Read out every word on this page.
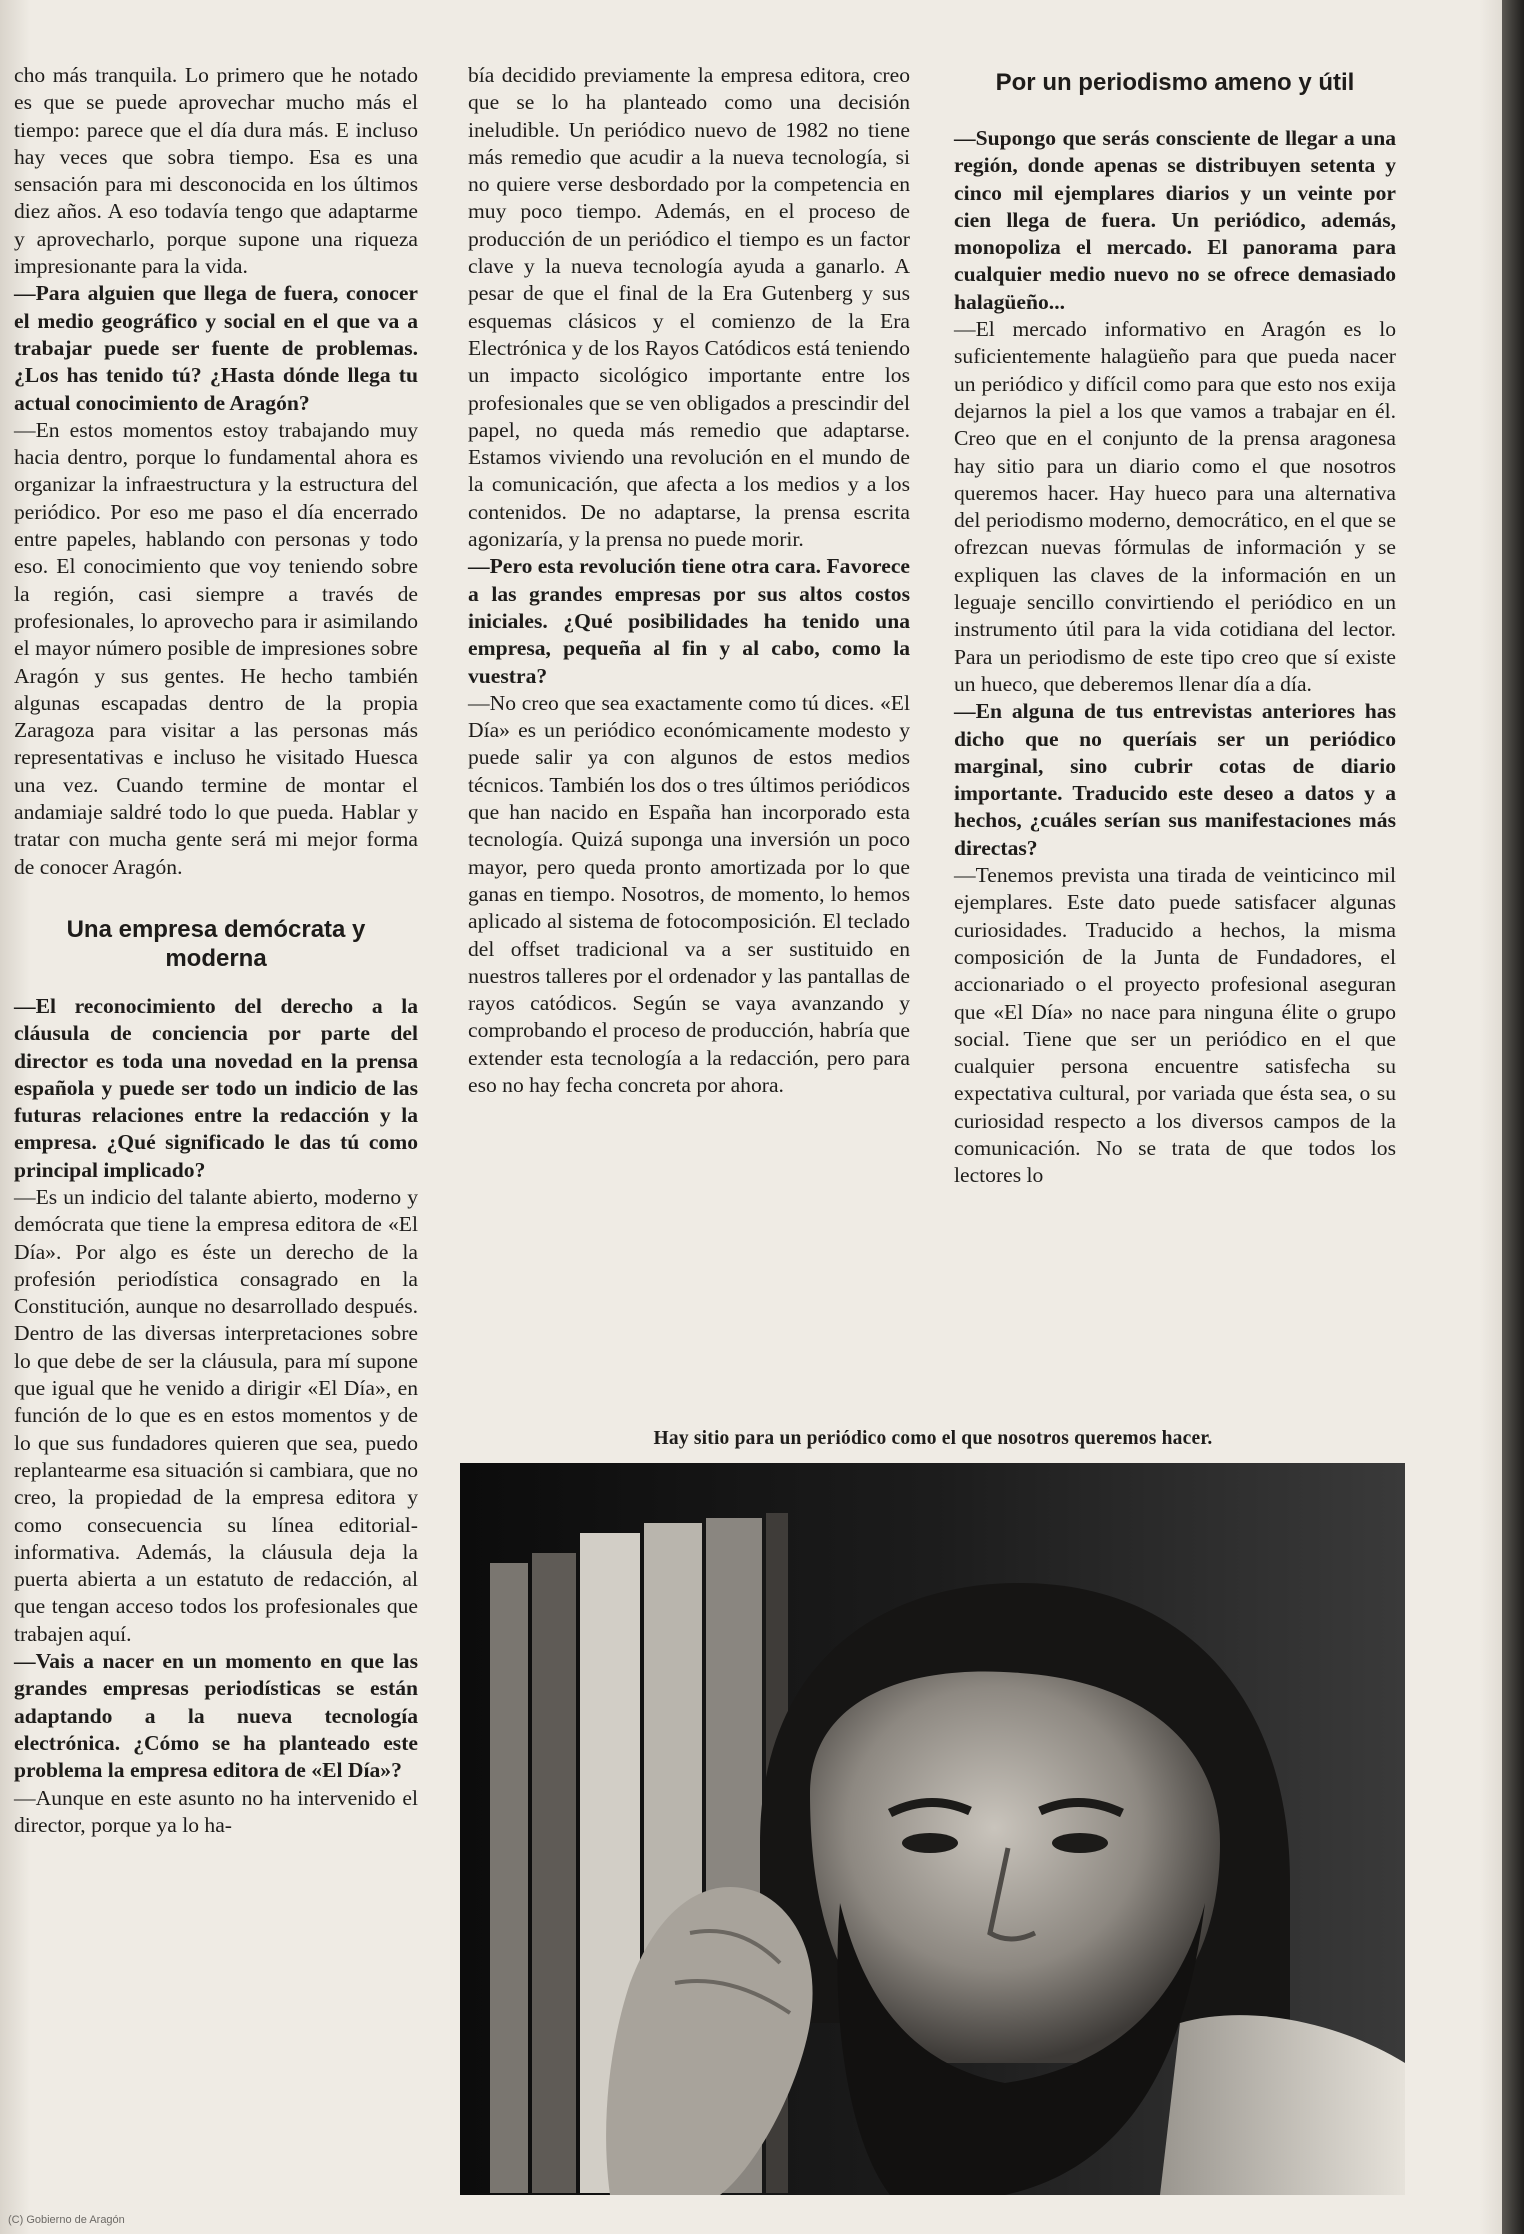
cho más tranquila. Lo primero que he notado es que se puede aprovechar mucho más el tiempo: parece que el día dura más. E incluso hay veces que sobra tiempo. Esa es una sensación para mi desconocida en los últimos diez años. A eso todavía tengo que adaptarme y aprovecharlo, porque supone una riqueza impresionante para la vida.

—Para alguien que llega de fuera, conocer el medio geográfico y social en el que va a trabajar puede ser fuente de problemas. ¿Los has tenido tú? ¿Hasta dónde llega tu actual conocimiento de Aragón?

—En estos momentos estoy trabajando muy hacia dentro, porque lo fundamental ahora es organizar la infraestructura y la estructura del periódico. Por eso me paso el día encerrado entre papeles, hablando con personas y todo eso. El conocimiento que voy teniendo sobre la región, casi siempre a través de profesionales, lo aprovecho para ir asimilando el mayor número posible de impresiones sobre Aragón y sus gentes. He hecho también algunas escapadas dentro de la propia Zaragoza para visitar a las personas más representativas e incluso he visitado Huesca una vez. Cuando termine de montar el andamiaje saldré todo lo que pueda. Hablar y tratar con mucha gente será mi mejor forma de conocer Aragón.

Una empresa demócrata y moderna

—El reconocimiento del derecho a la cláusula de conciencia por parte del director es toda una novedad en la prensa española y puede ser todo un indicio de las futuras relaciones entre la redacción y la empresa. ¿Qué significado le das tú como principal implicado?

—Es un indicio del talante abierto, moderno y demócrata que tiene la empresa editora de «El Día». Por algo es éste un derecho de la profesión periodística consagrado en la Constitución, aunque no desarrollado después. Dentro de las diversas interpretaciones sobre lo que debe de ser la cláusula, para mí supone que igual que he venido a dirigir «El Día», en función de lo que es en estos momentos y de lo que sus fundadores quieren que sea, puedo replantearme esa situación si cambiara, que no creo, la propiedad de la empresa editora y como consecuencia su línea editorial-informativa. Además, la cláusula deja la puerta abierta a un estatuto de redacción, al que tengan acceso todos los profesionales que trabajen aquí.

—Vais a nacer en un momento en que las grandes empresas periodísticas se están adaptando a la nueva tecnología electrónica. ¿Cómo se ha planteado este problema la empresa editora de «El Día»?

—Aunque en este asunto no ha intervenido el director, porque ya lo ha-

bía decidido previamente la empresa editora, creo que se lo ha planteado como una decisión ineludible. Un periódico nuevo de 1982 no tiene más remedio que acudir a la nueva tecnología, si no quiere verse desbordado por la competencia en muy poco tiempo. Además, en el proceso de producción de un periódico el tiempo es un factor clave y la nueva tecnología ayuda a ganarlo. A pesar de que el final de la Era Gutenberg y sus esquemas clásicos y el comienzo de la Era Electrónica y de los Rayos Catódicos está teniendo un impacto sicológico importante entre los profesionales que se ven obligados a prescindir del papel, no queda más remedio que adaptarse. Estamos viviendo una revolución en el mundo de la comunicación, que afecta a los medios y a los contenidos. De no adaptarse, la prensa escrita agonizaría, y la prensa no puede morir.

—Pero esta revolución tiene otra cara. Favorece a las grandes empresas por sus altos costos iniciales. ¿Qué posibilidades ha tenido una empresa, pequeña al fin y al cabo, como la vuestra?

—No creo que sea exactamente como tú dices. «El Día» es un periódico económicamente modesto y puede salir ya con algunos de estos medios técnicos. También los dos o tres últimos periódicos que han nacido en España han incorporado esta tecnología. Quizá suponga una inversión un poco mayor, pero queda pronto amortizada por lo que ganas en tiempo. Nosotros, de momento, lo hemos aplicado al sistema de fotocomposición. El teclado del offset tradicional va a ser sustituido en nuestros talleres por el ordenador y las pantallas de rayos catódicos. Según se vaya avanzando y comprobando el proceso de producción, habría que extender esta tecnología a la redacción, pero para eso no hay fecha concreta por ahora.

Por un periodismo ameno y útil

—Supongo que serás consciente de llegar a una región, donde apenas se distribuyen setenta y cinco mil ejemplares diarios y un veinte por cien llega de fuera. Un periódico, además, monopoliza el mercado. El panorama para cualquier medio nuevo no se ofrece demasiado halagüeño...

—El mercado informativo en Aragón es lo suficientemente halagüeño para que pueda nacer un periódico y difícil como para que esto nos exija dejarnos la piel a los que vamos a trabajar en él. Creo que en el conjunto de la prensa aragonesa hay sitio para un diario como el que nosotros queremos hacer. Hay hueco para una alternativa del periodismo moderno, democrático, en el que se ofrezcan nuevas fórmulas de información y se expliquen las claves de la información en un leguaje sencillo convirtiendo el periódico en un instrumento útil para la vida cotidiana del lector. Para un periodismo de este tipo creo que sí existe un hueco, que deberemos llenar día a día.

—En alguna de tus entrevistas anteriores has dicho que no queríais ser un periódico marginal, sino cubrir cotas de diario importante. Traducido este deseo a datos y a hechos, ¿cuáles serían sus manifestaciones más directas?

—Tenemos prevista una tirada de veinticinco mil ejemplares. Este dato puede satisfacer algunas curiosidades. Traducido a hechos, la misma composición de la Junta de Fundadores, el accionariado o el proyecto profesional aseguran que «El Día» no nace para ninguna élite o grupo social. Tiene que ser un periódico en el que cualquier persona encuentre satisfecha su expectativa cultural, por variada que ésta sea, o su curiosidad respecto a los diversos campos de la comunicación. No se trata de que todos los lectores lo

Hay sitio para un periódico como el que nosotros queremos hacer.
(C) Gobierno de Aragón
